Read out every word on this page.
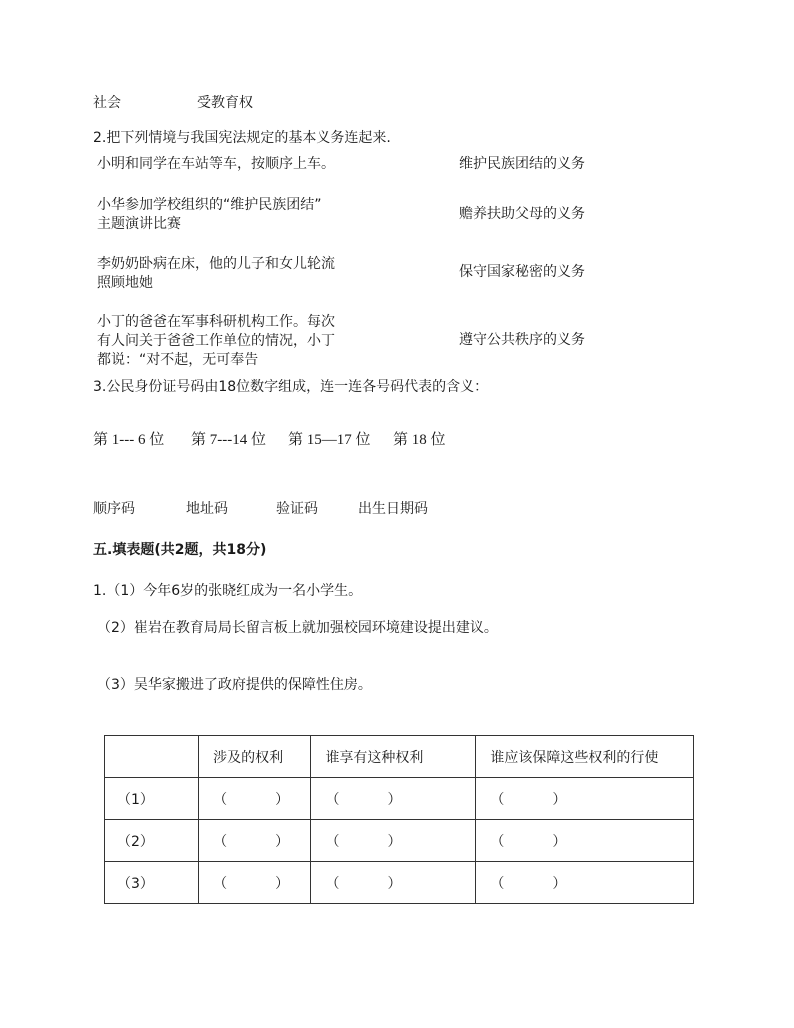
社会	受教育权
2.把下列情境与我国宪法规定的基本义务连起来.
小明和同学在车站等车，按顺序上车。
小华参加学校组织的“维护民族团结”
主题演讲比赛
李奶奶卧病在床，他的儿子和女儿轮流
照顾地她
小丁的爸爸在军事科研机构工作。每次
有人问关于爸爸工作单位的情况，小丁
都说：“对不起，无可奉告
维护民族团结的义务
赡养扶助父母的义务
保守国家秘密的义务
遵守公共秩序的义务
3.公民身份证号码由18位数字组成，连一连各号码代表的含义：
第 1--- 6 位 第 7---14 位 第 15—17 位 第 18 位
顺序码	地址码	验证码	出生日期码
五.填表题(共2题，共18分)
1.（1）今年6岁的张晓红成为一名小学生。
（2）崔岩在教育局局长留言板上就加强校园环境建设提出建议。
（3）吴华家搬进了政府提供的保障性住房。
	涉及的权利	谁享有这种权利	谁应该保障这些权利的行使
（1）	（ ）	（ ）	（ ）
（2）	（ ）	（ ）	（ ）
（3）	（ ）	（ ）	（ ）
